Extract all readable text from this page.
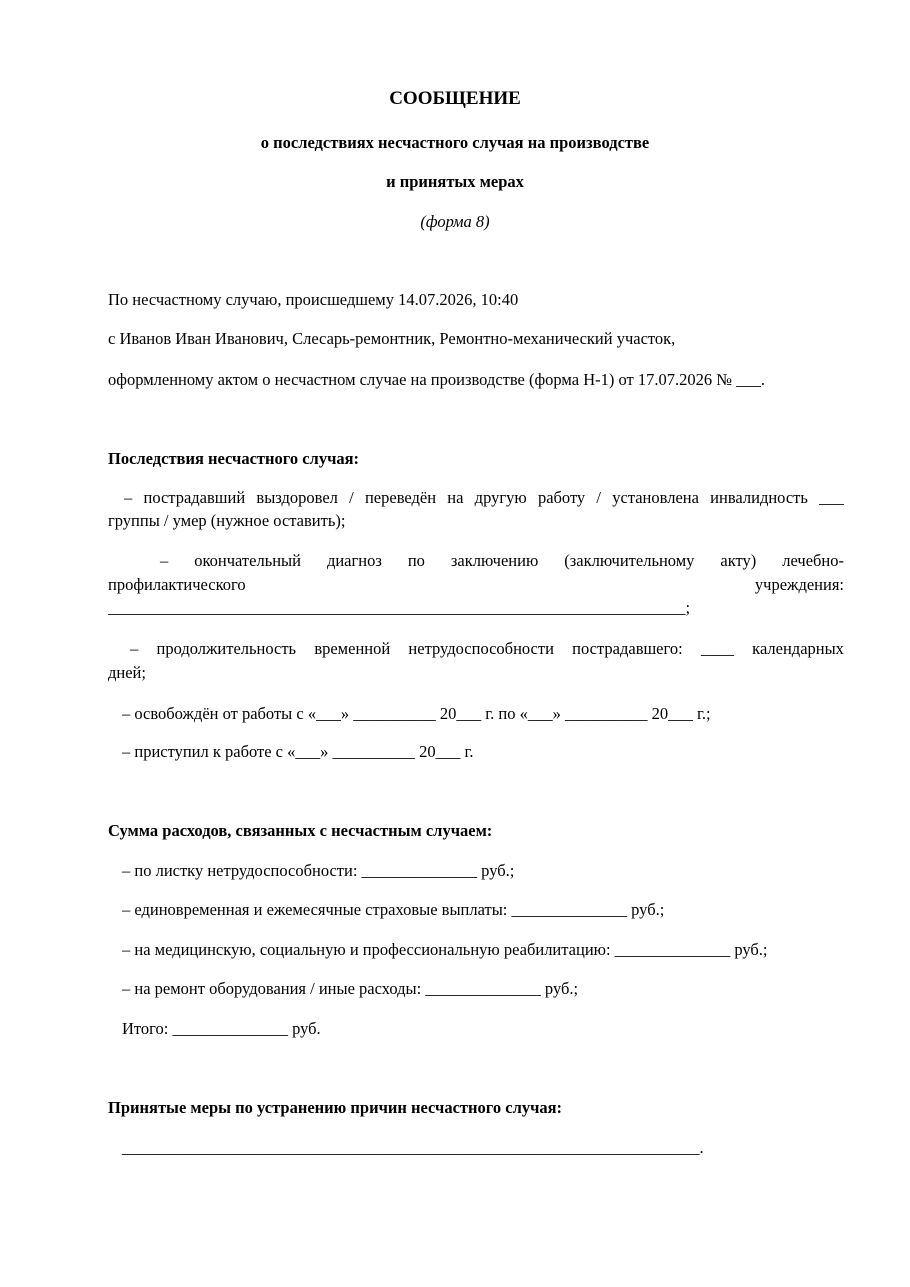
СООБЩЕНИЕ
о последствиях несчастного случая на производстве
и принятых мерах
(форма 8)
По несчастному случаю, происшедшему 14.07.2026, 10:40
с Иванов Иван Иванович, Слесарь-ремонтник, Ремонтно-механический участок,
оформленному актом о несчастном случае на производстве (форма Н-1) от 17.07.2026 № ___.
Последствия несчастного случая:
– пострадавший выздоровел / переведён на другую работу / установлена инвалидность ___
группы / умер (нужное оставить);
– окончательный диагноз по заключению (заключительному акту) лечебно-
профилактического	учреждения:
______________________________________________________________________;
– продолжительность временной нетрудоспособности пострадавшего: ____ календарных
дней;
– освобождён от работы с «___» __________ 20___ г. по «___» __________ 20___ г.;
– приступил к работе с «___» __________ 20___ г.
Сумма расходов, связанных с несчастным случаем:
– по листку нетрудоспособности: ______________ руб.;
– единовременная и ежемесячные страховые выплаты: ______________ руб.;
– на медицинскую, социальную и профессиональную реабилитацию: ______________ руб.;
– на ремонт оборудования / иные расходы: ______________ руб.;
Итого: ______________ руб.
Принятые меры по устранению причин несчастного случая:
______________________________________________________________________.
